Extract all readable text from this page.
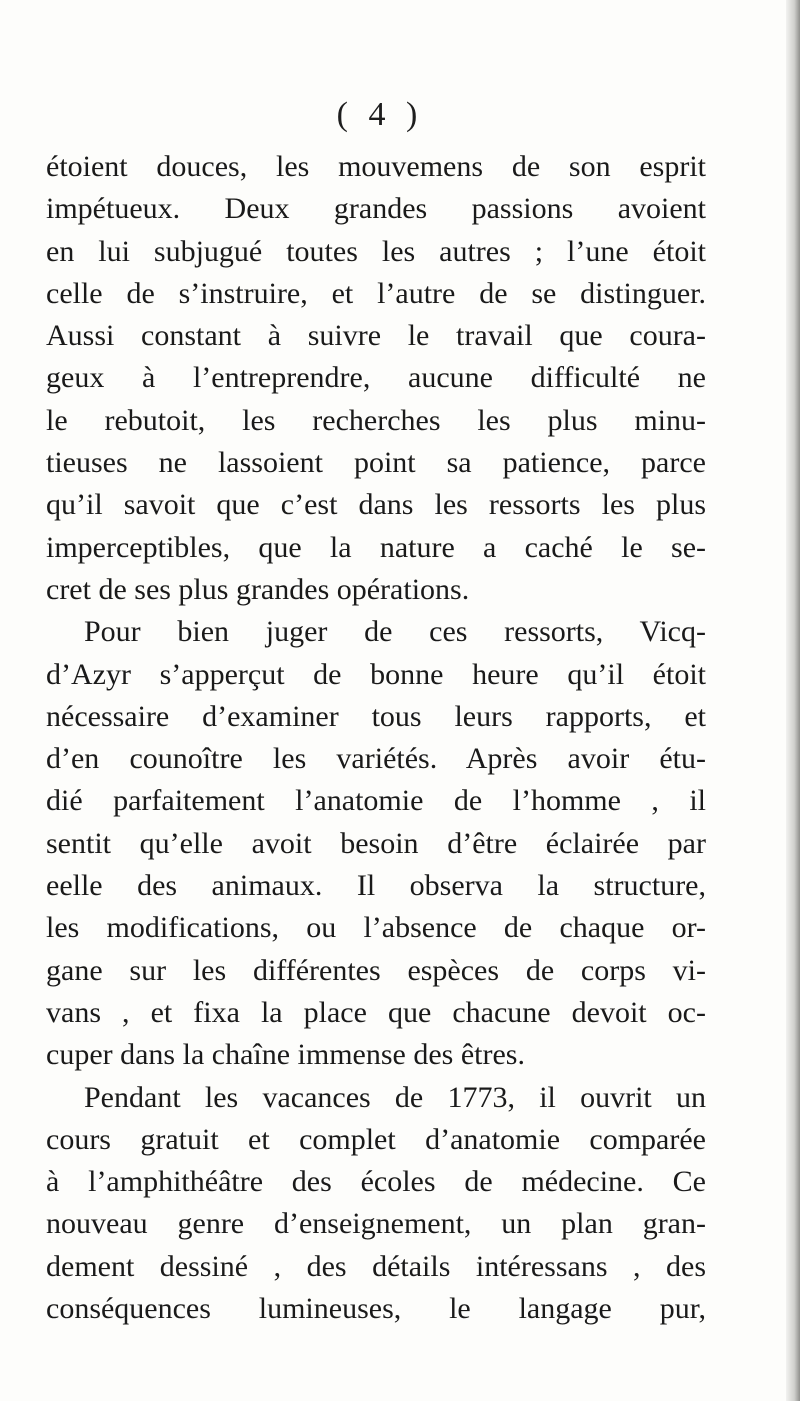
( 4 )
étoient douces, les mouvemens de son esprit
impétueux. Deux grandes passions avoient
en lui subjugué toutes les autres ; l’une étoit
celle de s’instruire, et l’autre de se distinguer.
Aussi constant à suivre le travail que coura-
geux à l’entreprendre, aucune difficulté ne
le rebutoit, les recherches les plus minu-
tieuses ne lassoient point sa patience, parce
qu’il savoit que c’est dans les ressorts les plus
imperceptibles, que la nature a caché le se-
cret de ses plus grandes opérations.
Pour bien juger de ces ressorts, Vicq-
d’Azyr s’apperçut de bonne heure qu’il étoit
nécessaire d’examiner tous leurs rapports, et
d’en counoître les variétés. Après avoir étu-
dié parfaitement l’anatomie de l’homme , il
sentit qu’elle avoit besoin d’être éclairée par
eelle des animaux. Il observa la structure,
les modifications, ou l’absence de chaque or-
gane sur les différentes espèces de corps vi-
vans , et fixa la place que chacune devoit oc-
cuper dans la chaîne immense des êtres.
Pendant les vacances de 1773, il ouvrit un
cours gratuit et complet d’anatomie comparée
à l’amphithéâtre des écoles de médecine. Ce
nouveau genre d’enseignement, un plan gran-
dement dessiné , des détails intéressans , des
conséquences lumineuses, le langage pur,
